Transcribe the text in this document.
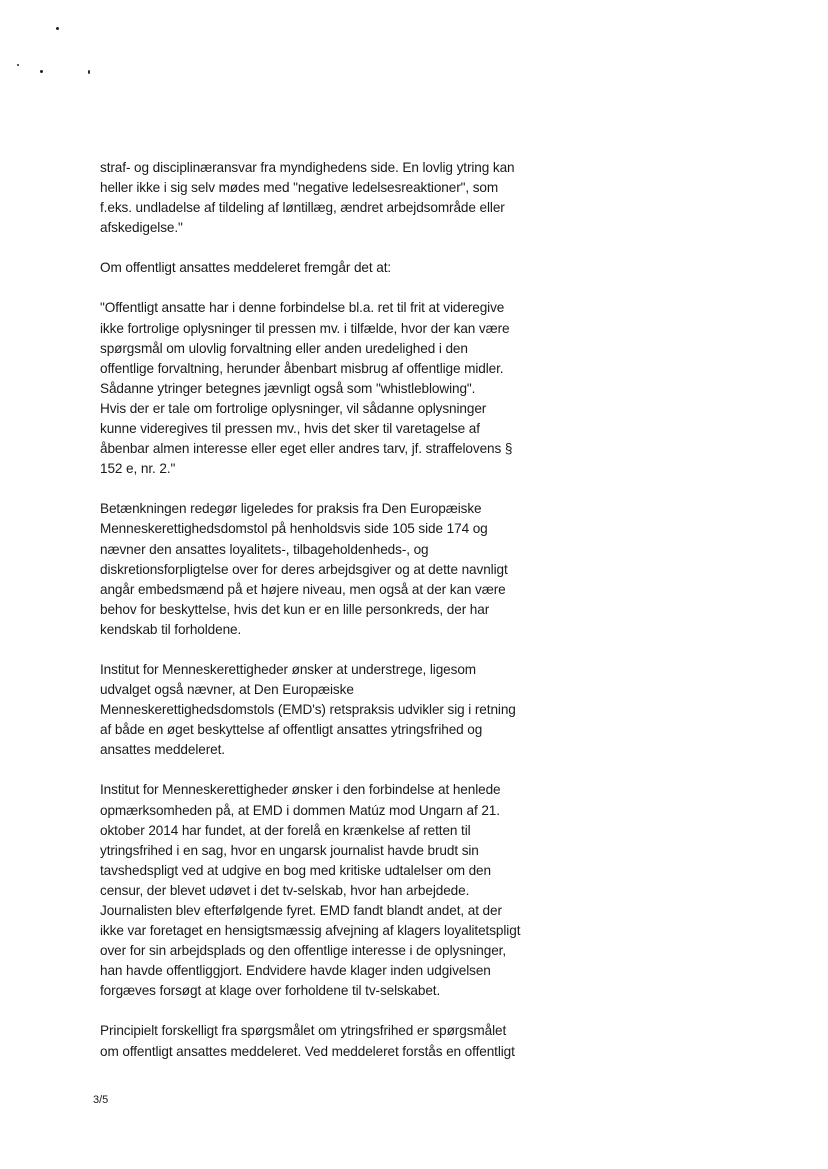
straf- og disciplinæransvar fra myndighedens side. En lovlig ytring kan
heller ikke i sig selv mødes med "negative ledelsesreaktioner", som
f.eks. undladelse af tildeling af løntillæg, ændret arbejdsområde eller
afskedigelse."

Om offentligt ansattes meddeleret fremgår det at:

"Offentligt ansatte har i denne forbindelse bl.a. ret til frit at videregive
ikke fortrolige oplysninger til pressen mv. i tilfælde, hvor der kan være
spørgsmål om ulovlig forvaltning eller anden uredelighed i den
offentlige forvaltning, herunder åbenbart misbrug af offentlige midler.
Sådanne ytringer betegnes jævnligt også som "whistleblowing".
Hvis der er tale om fortrolige oplysninger, vil sådanne oplysninger
kunne videregives til pressen mv., hvis det sker til varetagelse af
åbenbar almen interesse eller eget eller andres tarv, jf. straffelovens §
152 e, nr. 2."

Betænkningen redegør ligeledes for praksis fra Den Europæiske
Menneskerettighedsdomstol på henholdsvis side 105 side 174 og
nævner den ansattes loyalitets-, tilbageholdenheds-, og
diskretionsforpligtelse over for deres arbejdsgiver og at dette navnligt
angår embedsmænd på et højere niveau, men også at der kan være
behov for beskyttelse, hvis det kun er en lille personkreds, der har
kendskab til forholdene.

Institut for Menneskerettigheder ønsker at understrege, ligesom
udvalget også nævner, at Den Europæiske
Menneskerettighedsdomstols (EMD's) retspraksis udvikler sig i retning
af både en øget beskyttelse af offentligt ansattes ytringsfrihed og
ansattes meddeleret.

Institut for Menneskerettigheder ønsker i den forbindelse at henlede
opmærksomheden på, at EMD i dommen Matúz mod Ungarn af 21.
oktober 2014 har fundet, at der forelå en krænkelse af retten til
ytringsfrihed i en sag, hvor en ungarsk journalist havde brudt sin
tavshedspligt ved at udgive en bog med kritiske udtalelser om den
censur, der blevet udøvet i det tv-selskab, hvor han arbejdede.
Journalisten blev efterfølgende fyret. EMD fandt blandt andet, at der
ikke var foretaget en hensigtsmæssig afvejning af klagers loyalitetspligt
over for sin arbejdsplads og den offentlige interesse i de oplysninger,
han havde offentliggjort. Endvidere havde klager inden udgivelsen
forgæves forsøgt at klage over forholdene til tv-selskabet.

Principielt forskelligt fra spørgsmålet om ytringsfrihed er spørgsmålet
om offentligt ansattes meddeleret. Ved meddeleret forstås en offentligt

3/5
